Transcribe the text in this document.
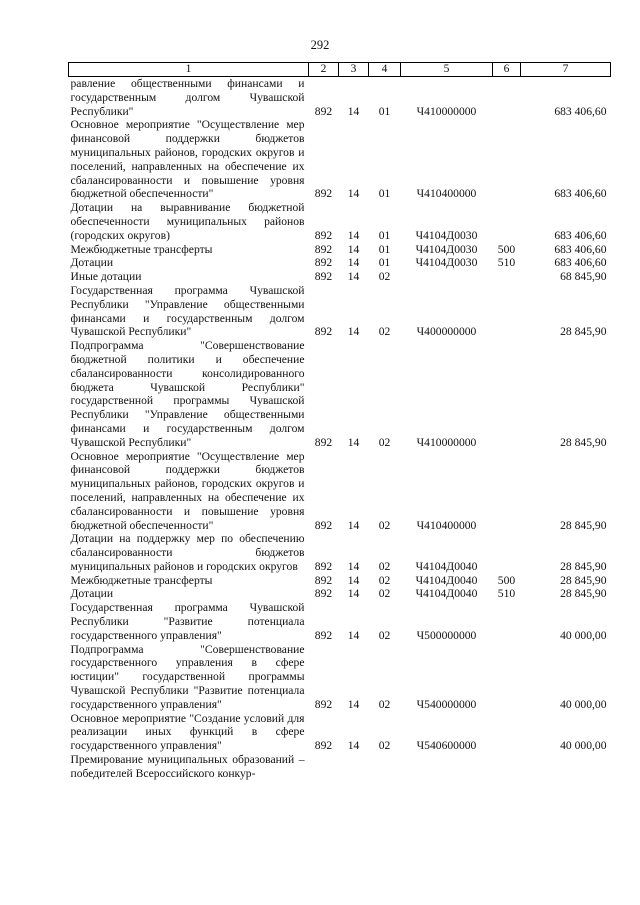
292
1	2	3	4	5	6	7
равление общественными финансами и государственным долгом Чувашской Республики"	892	14	01	Ч410000000		683 406,60
Основное мероприятие "Осуществление мер финансовой поддержки бюджетов муниципальных районов, городских округов и поселений, направленных на обеспечение их сбалансированности и повышение уровня бюджетной обеспеченности"	892	14	01	Ч410400000		683 406,60
Дотации на выравнивание бюджетной обеспеченности муниципальных районов (городских округов)	892	14	01	Ч4104Д0030		683 406,60
Межбюджетные трансферты	892	14	01	Ч4104Д0030	500	683 406,60
Дотации	892	14	01	Ч4104Д0030	510	683 406,60
Иные дотации	892	14	02			68 845,90
Государственная программа Чувашской Республики "Управление общественными финансами и государственным долгом Чувашской Республики"	892	14	02	Ч400000000		28 845,90
Подпрограмма "Совершенствование бюджетной политики и обеспечение сбалансированности консолидированного бюджета Чувашской Республики" государственной программы Чувашской Республики "Управление общественными финансами и государственным долгом Чувашской Республики"	892	14	02	Ч410000000		28 845,90
Основное мероприятие "Осуществление мер финансовой поддержки бюджетов муниципальных районов, городских округов и поселений, направленных на обеспечение их сбалансированности и повышение уровня бюджетной обеспеченности"	892	14	02	Ч410400000		28 845,90
Дотации на поддержку мер по обеспечению сбалансированности бюджетов муниципальных районов и городских округов	892	14	02	Ч4104Д0040		28 845,90
Межбюджетные трансферты	892	14	02	Ч4104Д0040	500	28 845,90
Дотации	892	14	02	Ч4104Д0040	510	28 845,90
Государственная программа Чувашской Республики "Развитие потенциала государственного управления"	892	14	02	Ч500000000		40 000,00
Подпрограмма "Совершенствование государственного управления в сфере юстиции" государственной программы Чувашской Республики "Развитие потенциала государственного управления"	892	14	02	Ч540000000		40 000,00
Основное мероприятие "Создание условий для реализации иных функций в сфере государственного управления"	892	14	02	Ч540600000		40 000,00
Премирование муниципальных образований – победителей Всероссийского конкур-						
